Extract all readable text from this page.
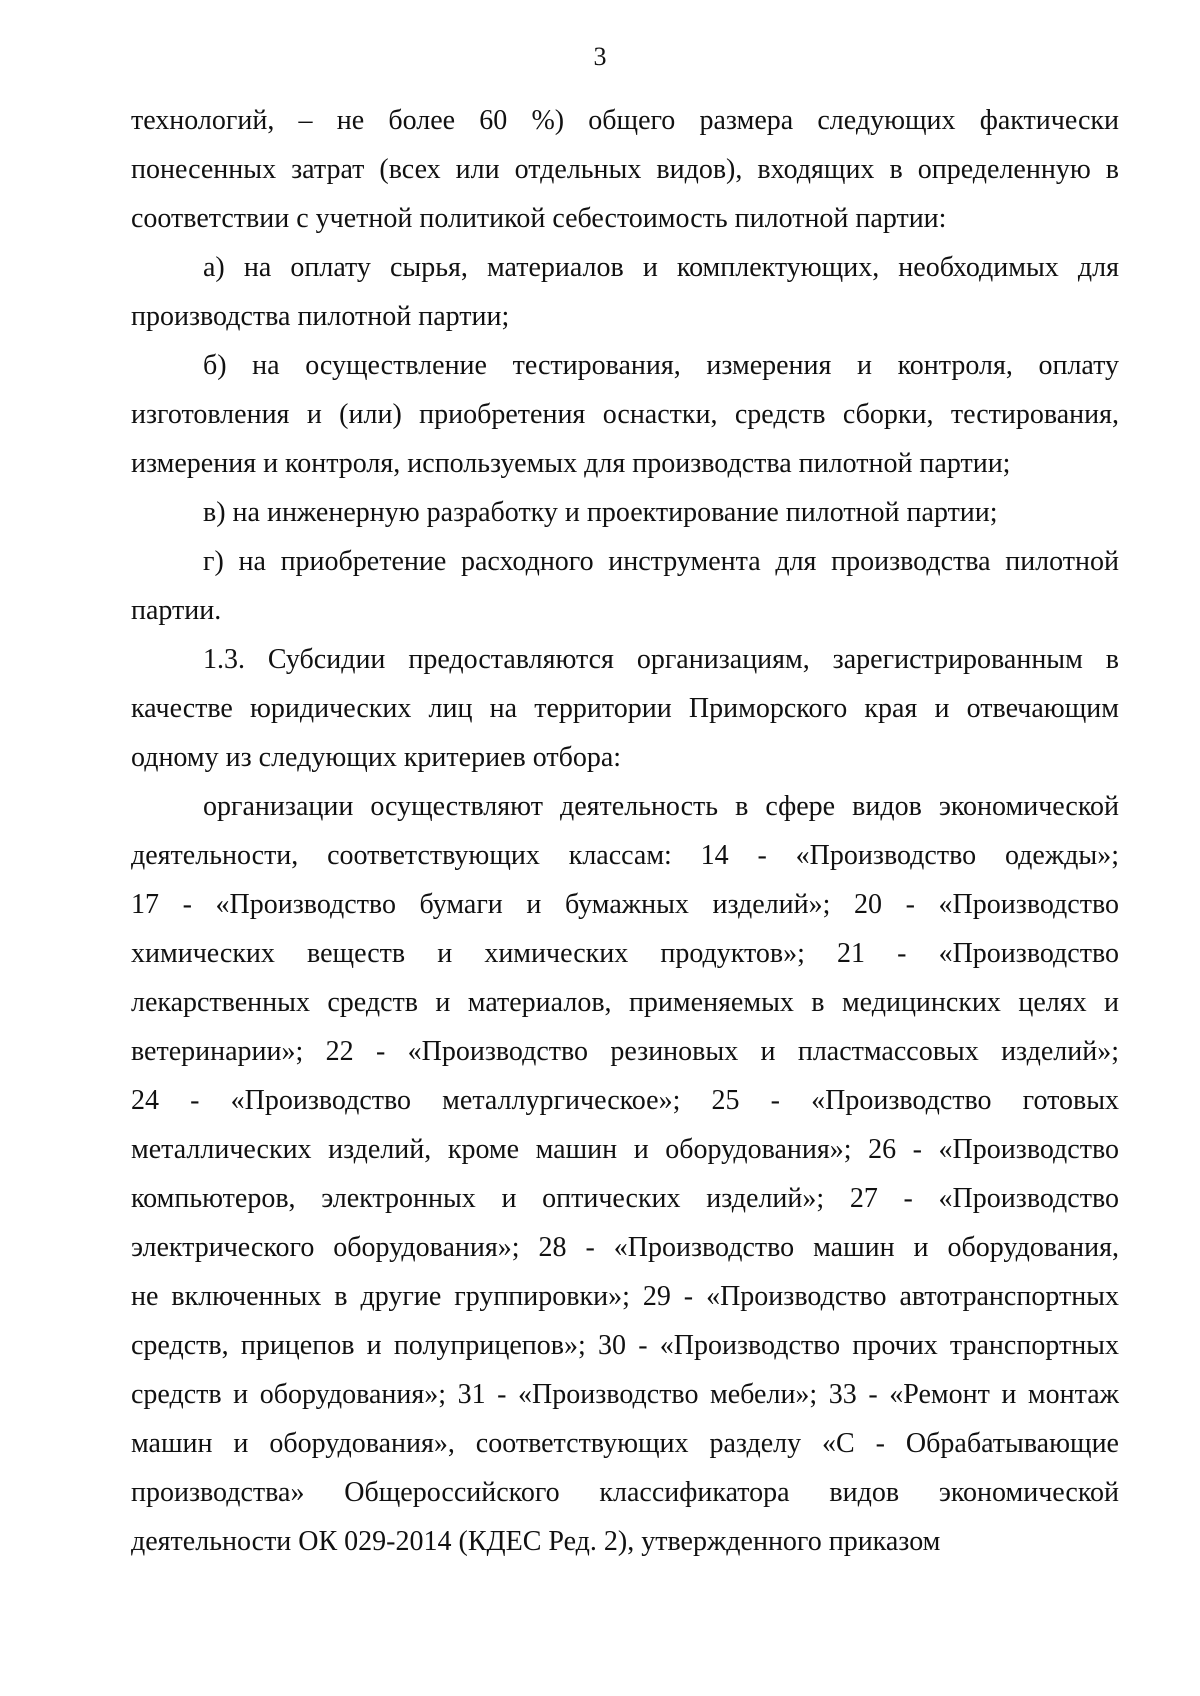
3
технологий, – не более 60 %) общего размера следующих фактически
понесенных затрат (всех или отдельных видов), входящих в определенную в
соответствии с учетной политикой себестоимость пилотной партии:
а) на оплату сырья, материалов и комплектующих, необходимых для
производства пилотной партии;
б) на осуществление тестирования, измерения и контроля, оплату
изготовления и (или) приобретения оснастки, средств сборки, тестирования,
измерения и контроля, используемых для производства пилотной партии;
в) на инженерную разработку и проектирование пилотной партии;
г) на приобретение расходного инструмента для производства пилотной
партии.
1.3. Субсидии предоставляются организациям, зарегистрированным в
качестве юридических лиц на территории Приморского края и отвечающим
одному из следующих критериев отбора:
организации осуществляют деятельность в сфере видов экономической
деятельности, соответствующих классам: 14 - «Производство одежды»;
17 - «Производство бумаги и бумажных изделий»; 20 - «Производство
химических веществ и химических продуктов»; 21 - «Производство
лекарственных средств и материалов, применяемых в медицинских целях и
ветеринарии»; 22 - «Производство резиновых и пластмассовых изделий»;
24 - «Производство металлургическое»; 25 - «Производство готовых
металлических изделий, кроме машин и оборудования»; 26 - «Производство
компьютеров, электронных и оптических изделий»; 27 - «Производство
электрического оборудования»; 28 - «Производство машин и оборудования,
не включенных в другие группировки»; 29 - «Производство автотранспортных
средств, прицепов и полуприцепов»; 30 - «Производство прочих транспортных
средств и оборудования»; 31 - «Производство мебели»; 33 - «Ремонт и монтаж
машин и оборудования», соответствующих разделу «С - Обрабатывающие
производства» Общероссийского классификатора видов экономической
деятельности ОК 029-2014 (КДЕС Ред. 2), утвержденного приказом
